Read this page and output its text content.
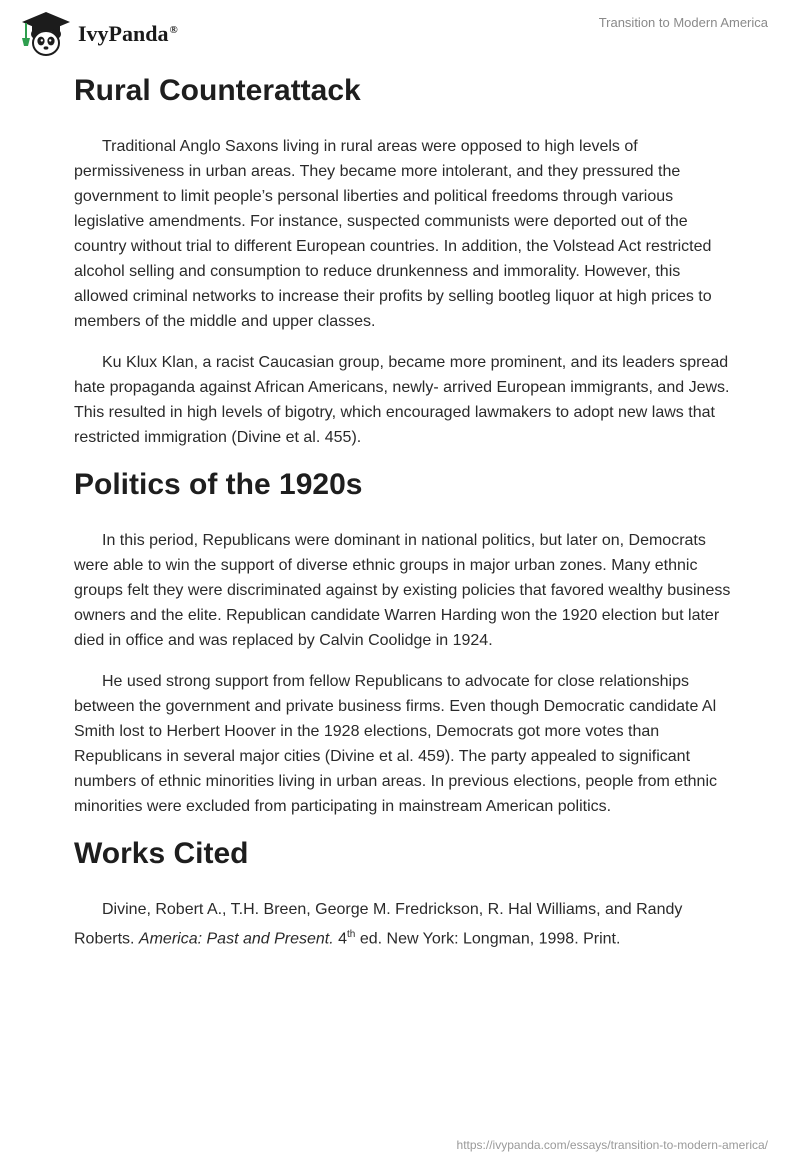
IvyPanda®	Transition to Modern America
Rural Counterattack

Traditional Anglo Saxons living in rural areas were opposed to high levels of permissiveness in urban areas. They became more intolerant, and they pressured the government to limit people’s personal liberties and political freedoms through various legislative amendments. For instance, suspected communists were deported out of the country without trial to different European countries. In addition, the Volstead Act restricted alcohol selling and consumption to reduce drunkenness and immorality. However, this allowed criminal networks to increase their profits by selling bootleg liquor at high prices to members of the middle and upper classes.

Ku Klux Klan, a racist Caucasian group, became more prominent, and its leaders spread hate propaganda against African Americans, newly- arrived European immigrants, and Jews. This resulted in high levels of bigotry, which encouraged lawmakers to adopt new laws that restricted immigration (Divine et al. 455).

Politics of the 1920s

In this period, Republicans were dominant in national politics, but later on, Democrats were able to win the support of diverse ethnic groups in major urban zones. Many ethnic groups felt they were discriminated against by existing policies that favored wealthy business owners and the elite. Republican candidate Warren Harding won the 1920 election but later died in office and was replaced by Calvin Coolidge in 1924.

He used strong support from fellow Republicans to advocate for close relationships between the government and private business firms. Even though Democratic candidate Al Smith lost to Herbert Hoover in the 1928 elections, Democrats got more votes than Republicans in several major cities (Divine et al. 459). The party appealed to significant numbers of ethnic minorities living in urban areas. In previous elections, people from ethnic minorities were excluded from participating in mainstream American politics.

Works Cited

Divine, Robert A., T.H. Breen, George M. Fredrickson, R. Hal Williams, and Randy Roberts. America: Past and Present. 4th ed. New York: Longman, 1998. Print.

https://ivypanda.com/essays/transition-to-modern-america/
